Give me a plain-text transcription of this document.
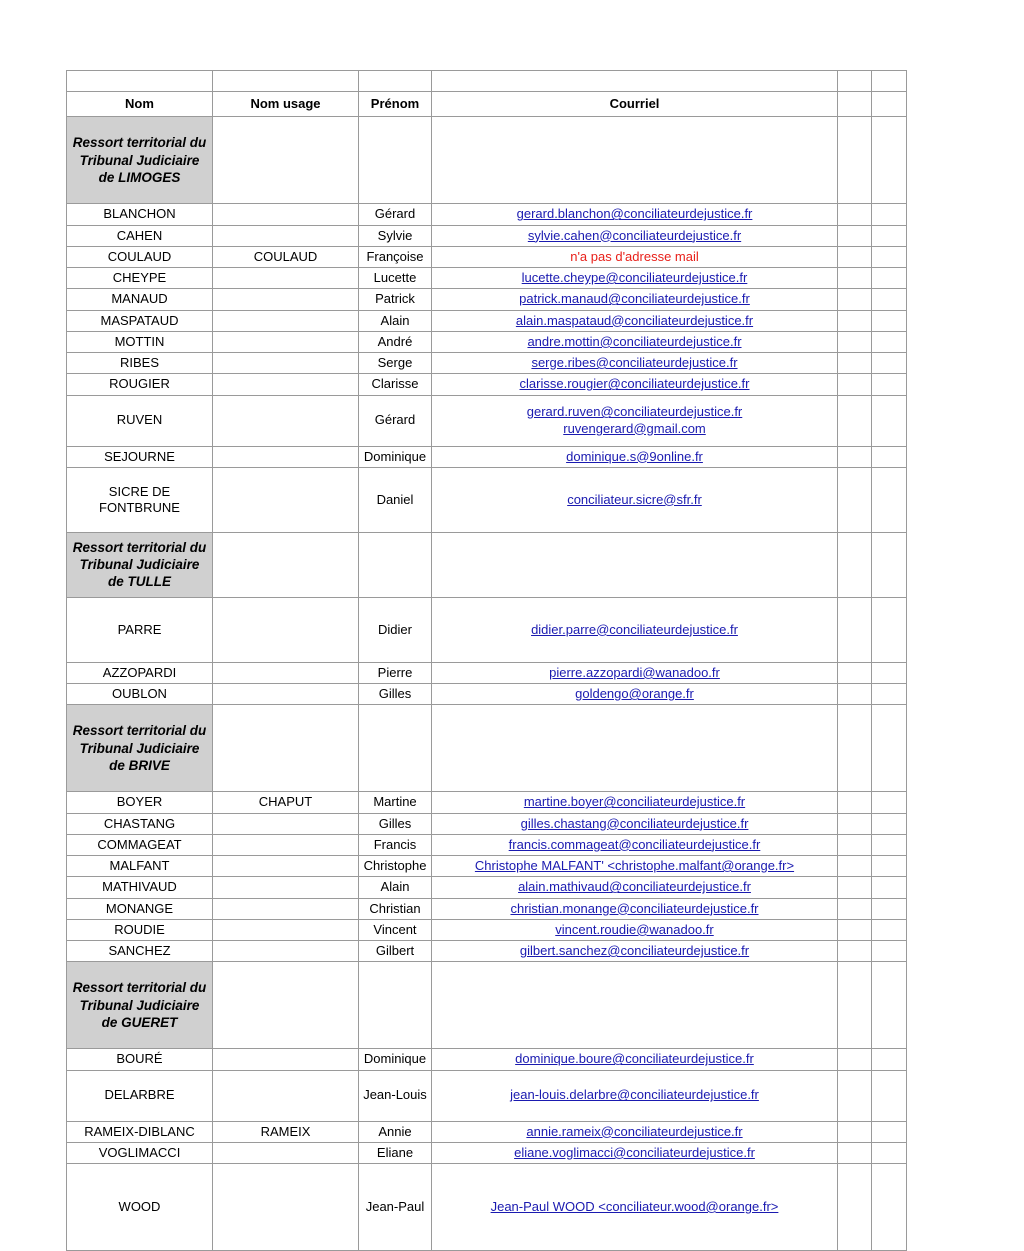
Nom	Nom usage	Prénom	Courriel		
Ressort territorial du Tribunal Judiciaire de LIMOGES					
BLANCHON		Gérard	gerard.blanchon@conciliateurdejustice.fr		

CAHEN		Sylvie	sylvie.cahen@conciliateurdejustice.fr		

COULAUD	COULAUD	Françoise	n'a pas d'adresse mail		
CHEYPE		Lucette	lucette.cheype@conciliateurdejustice.fr		

MANAUD		Patrick	patrick.manaud@conciliateurdejustice.fr		

MASPATAUD		Alain	alain.maspataud@conciliateurdejustice.fr		

MOTTIN		André	andre.mottin@conciliateurdejustice.fr		

RIBES		Serge	serge.ribes@conciliateurdejustice.fr		

ROUGIER		Clarisse	clarisse.rougier@conciliateurdejustice.fr		

RUVEN		Gérard	gerard.ruven@conciliateurdejustice.fr
ruvengerard@gmail.com		

SEJOURNE		Dominique	dominique.s@9online.fr		

SICRE DE FONTBRUNE		Daniel	conciliateur.sicre@sfr.fr		

Ressort territorial du Tribunal Judiciaire de TULLE					
PARRE		Didier	didier.parre@conciliateurdejustice.fr		

AZZOPARDI		Pierre	pierre.azzopardi@wanadoo.fr		

OUBLON		Gilles	goldengo@orange.fr		

Ressort territorial du Tribunal Judiciaire de BRIVE					
BOYER	CHAPUT	Martine	martine.boyer@conciliateurdejustice.fr		

CHASTANG		Gilles	gilles.chastang@conciliateurdejustice.fr		

COMMAGEAT		Francis	francis.commageat@conciliateurdejustice.fr		

MALFANT		Christophe	Christophe MALFANT' <christophe.malfant@orange.fr>		

MATHIVAUD		Alain	alain.mathivaud@conciliateurdejustice.fr		

MONANGE		Christian	christian.monange@conciliateurdejustice.fr		

ROUDIE		Vincent	vincent.roudie@wanadoo.fr		

SANCHEZ		Gilbert	gilbert.sanchez@conciliateurdejustice.fr		

Ressort territorial du Tribunal Judiciaire de GUERET					
BOURÉ		Dominique	dominique.boure@conciliateurdejustice.fr		

DELARBRE		Jean-Louis	jean-louis.delarbre@conciliateurdejustice.fr		

RAMEIX-DIBLANC	RAMEIX	Annie	annie.rameix@conciliateurdejustice.fr		

VOGLIMACCI		Eliane	eliane.voglimacci@conciliateurdejustice.fr		

WOOD		Jean-Paul	Jean-Paul WOOD <conciliateur.wood@orange.fr>		
